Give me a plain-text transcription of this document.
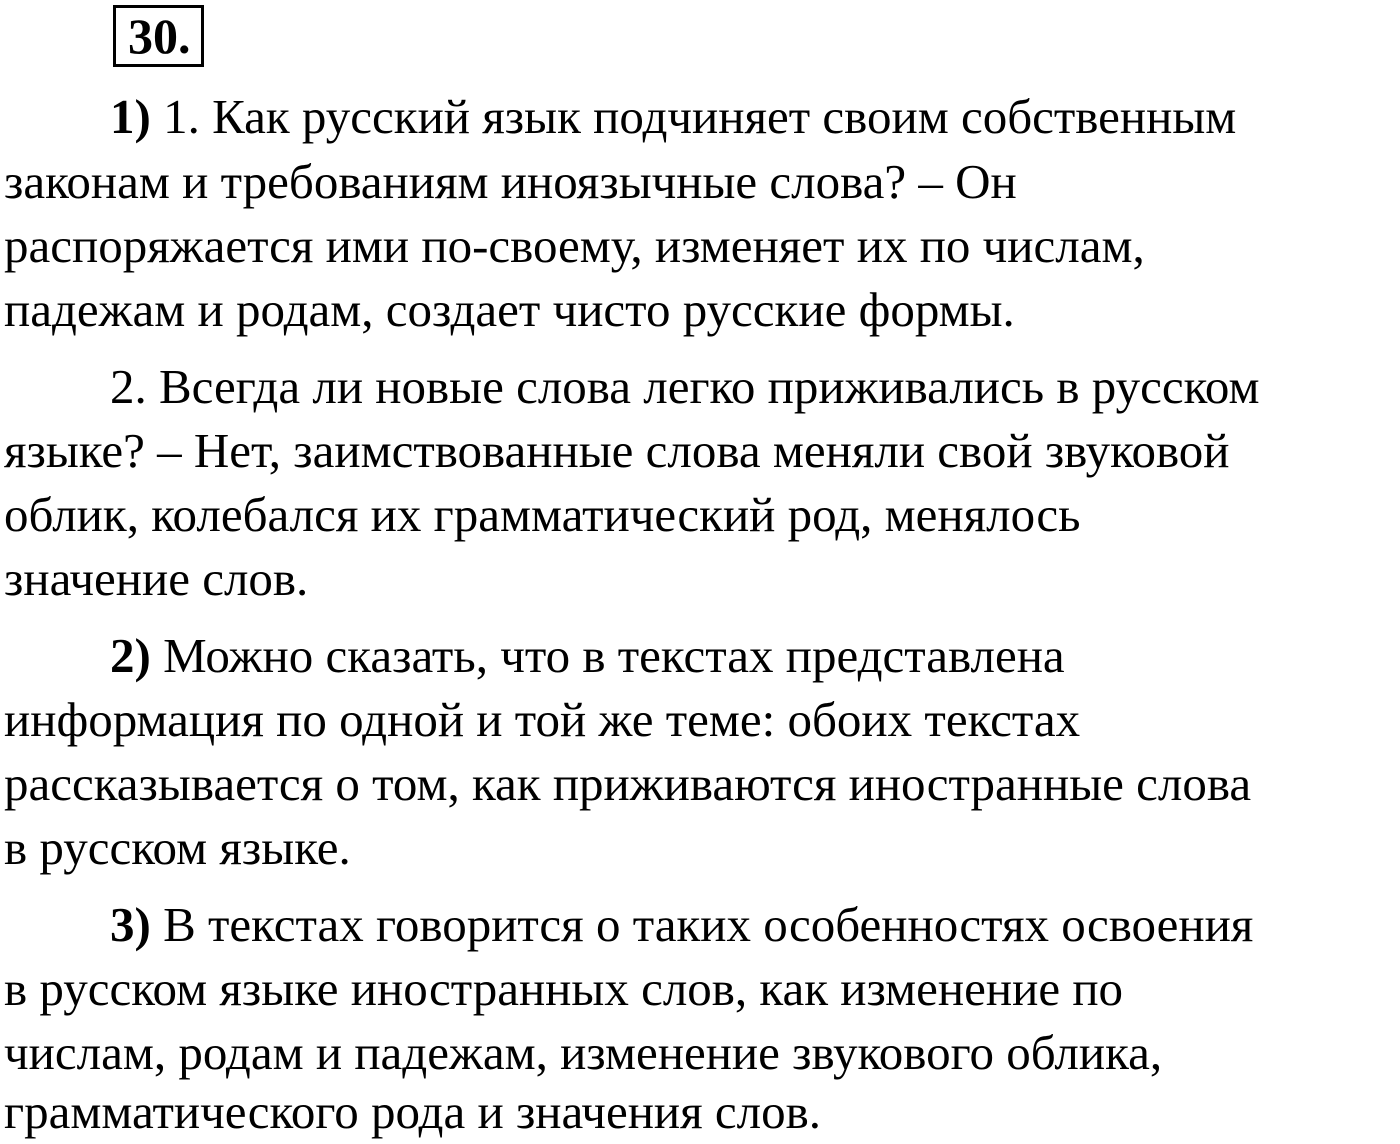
30.
1) 1. Как русский язык подчиняет своим собственным
законам и требованиям иноязычные слова? – Он
распоряжается ими по-своему, изменяет их по числам,
падежам и родам, создает чисто русские формы.
2. Всегда ли новые слова легко приживались в русском
языке? – Нет, заимствованные слова меняли свой звуковой
облик, колебался их грамматический род, менялось
значение слов.
2) Можно сказать, что в текстах представлена
информация по одной и той же теме: обоих текстах
рассказывается о том, как приживаются иностранные слова
в русском языке.
3) В текстах говорится о таких особенностях освоения
в русском языке иностранных слов, как изменение по
числам, родам и падежам, изменение звукового облика,
грамматического рода и значения слов.
